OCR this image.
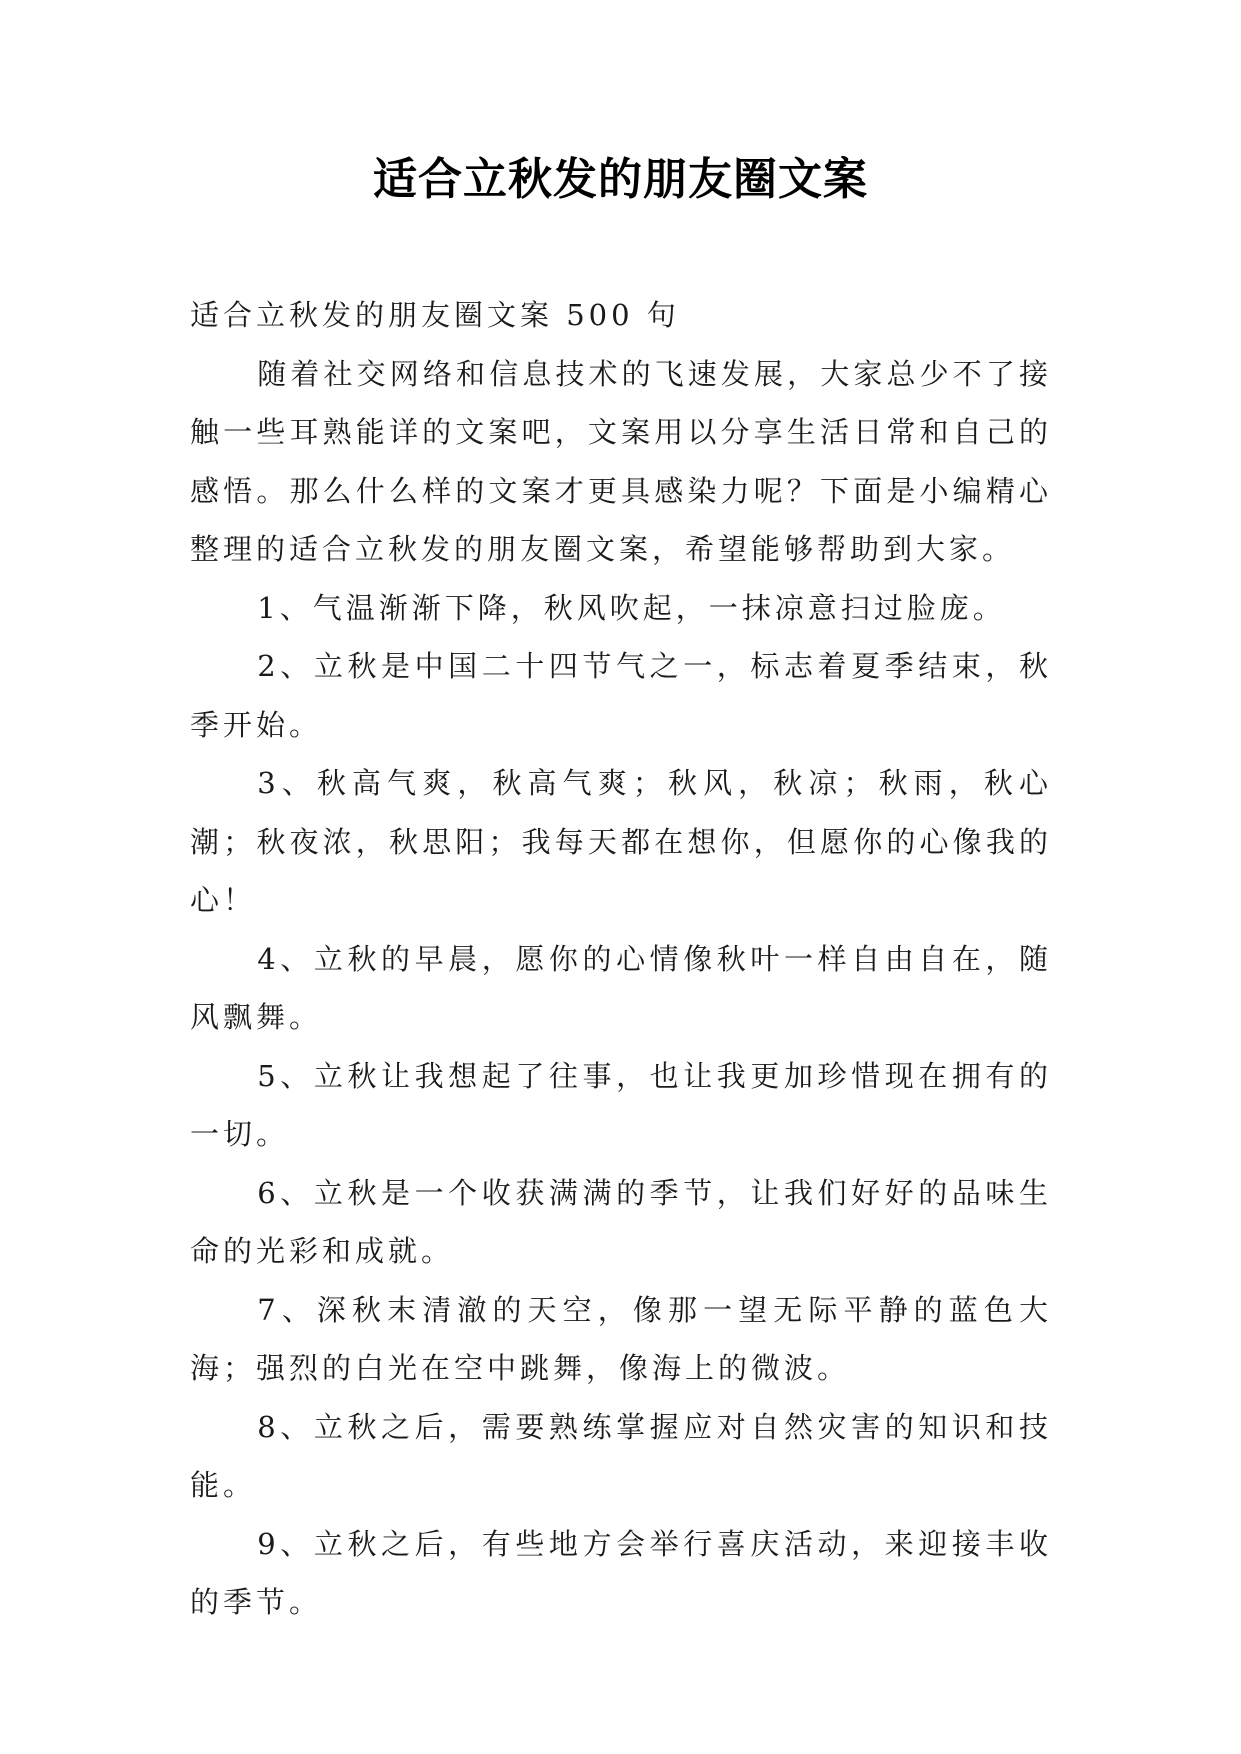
适合立秋发的朋友圈文案

适合立秋发的朋友圈文案 500 句

随着社交网络和信息技术的飞速发展，大家总少不了接触一些耳熟能详的文案吧，文案用以分享生活日常和自己的感悟。那么什么样的文案才更具感染力呢？下面是小编精心整理的适合立秋发的朋友圈文案，希望能够帮助到大家。

1、气温渐渐下降，秋风吹起，一抹凉意扫过脸庞。

2、立秋是中国二十四节气之一，标志着夏季结束，秋季开始。

3、秋高气爽，秋高气爽；秋风，秋凉；秋雨，秋心潮；秋夜浓，秋思阳；我每天都在想你，但愿你的心像我的心！

4、立秋的早晨，愿你的心情像秋叶一样自由自在，随风飘舞。

5、立秋让我想起了往事，也让我更加珍惜现在拥有的一切。

6、立秋是一个收获满满的季节，让我们好好的品味生命的光彩和成就。

7、深秋末清澈的天空，像那一望无际平静的蓝色大海；强烈的白光在空中跳舞，像海上的微波。

8、立秋之后，需要熟练掌握应对自然灾害的知识和技能。

9、立秋之后，有些地方会举行喜庆活动，来迎接丰收的季节。
